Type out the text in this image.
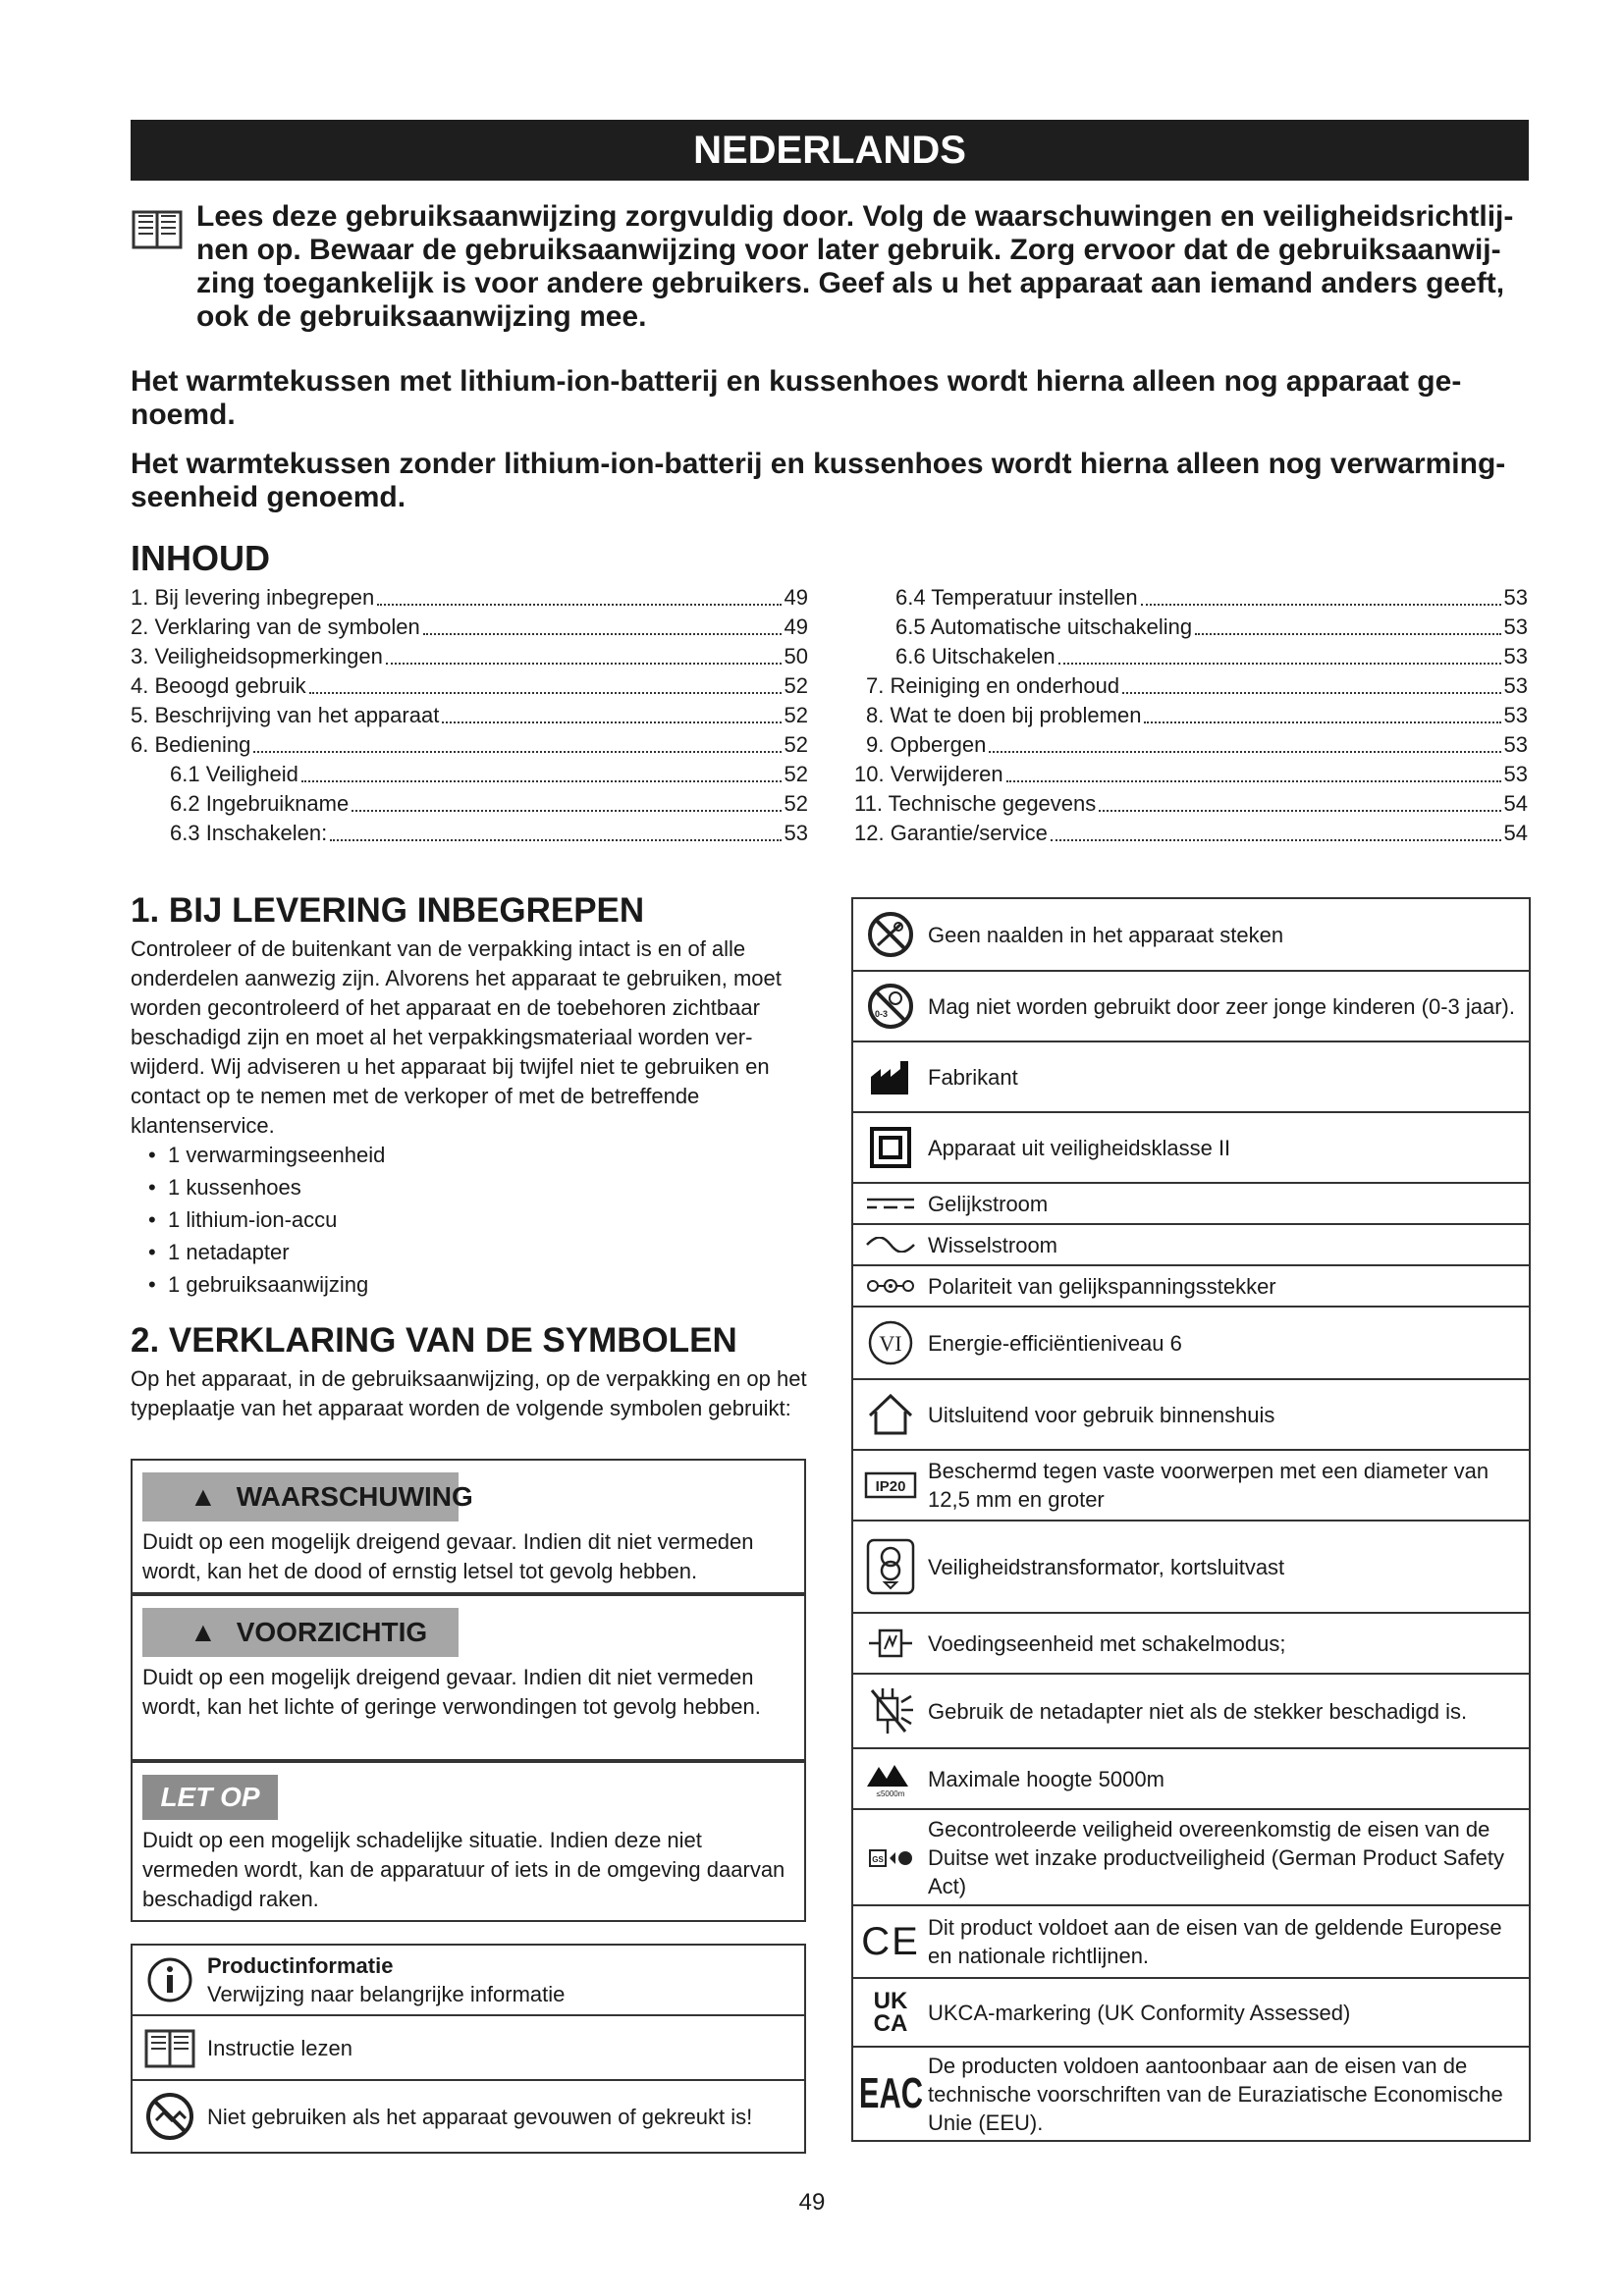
NEDERLANDS
Lees deze gebruiksaanwijzing zorgvuldig door. Volg de waarschuwingen en veiligheidsrichtlijnen op. Bewaar de gebruiksaanwijzing voor later gebruik. Zorg ervoor dat de gebruiksaanwijzing toegankelijk is voor andere gebruikers. Geef als u het apparaat aan iemand anders geeft, ook de gebruiksaanwijzing mee.
Het warmtekussen met lithium-ion-batterij en kussenhoes wordt hierna alleen nog apparaat genoemd.
Het warmtekussen zonder lithium-ion-batterij en kussenhoes wordt hierna alleen nog verwarmingseenheid genoemd.
INHOUD
1. Bij levering inbegrepen	49
2. Verklaring van de symbolen	49
3. Veiligheidsopmerkingen	50
4. Beoogd gebruik	52
5. Beschrijving van het apparaat	52
6. Bediening	52
6.1 Veiligheid	52
6.2 Ingebruikname	52
6.3 Inschakelen:	53
6.4 Temperatuur instellen	53
6.5 Automatische uitschakeling	53
6.6 Uitschakelen	53
7. Reiniging en onderhoud	53
8. Wat te doen bij problemen	53
9. Opbergen	53
10. Verwijderen	53
11. Technische gegevens	54
12. Garantie/service	54
1. BIJ LEVERING INBEGREPEN
Controleer of de buitenkant van de verpakking intact is en of alle onderdelen aanwezig zijn. Alvorens het apparaat te gebruiken, moet worden gecontroleerd of het apparaat en de toebehoren zichtbaar beschadigd zijn en moet al het verpakkingsmateriaal worden verwijderd. Wij adviseren u het apparaat bij twijfel niet te gebruiken en contact op te nemen met de verkoper of met de betreffende klantenservice.
• 1 verwarmingseenheid
• 1 kussenhoes
• 1 lithium-ion-accu
• 1 netadapter
• 1 gebruiksaanwijzing
2. VERKLARING VAN DE SYMBOLEN
Op het apparaat, in de gebruiksaanwijzing, op de verpakking en op het typeplaatje van het apparaat worden de volgende symbolen gebruikt:
▲ WAARSCHUWING
Duidt op een mogelijk dreigend gevaar. Indien dit niet vermeden wordt, kan het de dood of ernstig letsel tot gevolg hebben.
▲ VOORZICHTIG
Duidt op een mogelijk dreigend gevaar. Indien dit niet vermeden wordt, kan het lichte of geringe verwondingen tot gevolg hebben.
LET OP
Duidt op een mogelijk schadelijke situatie. Indien deze niet vermeden wordt, kan de apparatuur of iets in de omgeving daarvan beschadigd raken.
Productinformatie
Verwijzing naar belangrijke informatie
Instructie lezen
Niet gebruiken als het apparaat gevouwen of gekreukt is!
Geen naalden in het apparaat steken
0-3 Mag niet worden gebruikt door zeer jonge kinderen (0-3 jaar).
Fabrikant
Apparaat uit veiligheidsklasse II
Gelijkstroom
Wisselstroom
Polariteit van gelijkspanningsstekker
VI Energie-efficiëntieniveau 6
Uitsluitend voor gebruik binnenshuis
IP20
Beschermd tegen vaste voorwerpen met een diameter van 12,5 mm en groter
Veiligheidstransformator, kortsluitvast
Voedingseenheid met schakelmodus;
Gebruik de netadapter niet als de stekker beschadigd is.
≤5000m
Maximale hoogte 5000m
GS
Gecontroleerde veiligheid overeenkomstig de eisen van de Duitse wet inzake productveiligheid (German Product Safety Act)
CE Dit product voldoet aan de eisen van de geldende Europese en nationale richtlijnen.
UK
CA UKCA-markering (UK Conformity Assessed)
EAC
De producten voldoen aantoonbaar aan de eisen van de technische voorschriften van de Euraziatische Economische Unie (EEU).
49
